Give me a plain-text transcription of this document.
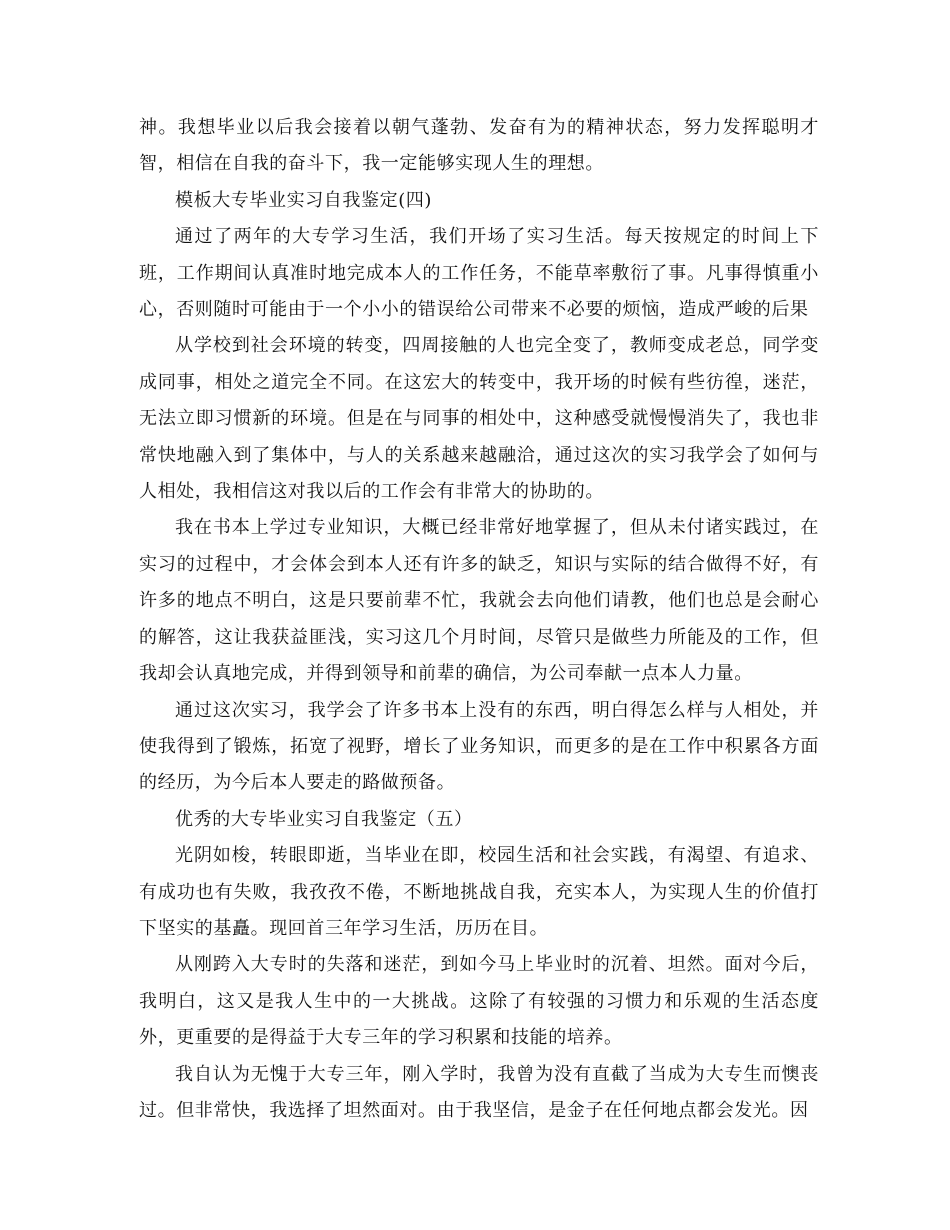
神。我想毕业以后我会接着以朝气蓬勃、发奋有为的精神状态，努力发挥聪明才智，相信在自我的奋斗下，我一定能够实现人生的理想。

模板大专毕业实习自我鉴定(四)

通过了两年的大专学习生活，我们开场了实习生活。每天按规定的时间上下班，工作期间认真准时地完成本人的工作任务，不能草率敷衍了事。凡事得慎重小心，否则随时可能由于一个小小的错误给公司带来不必要的烦恼，造成严峻的后果

从学校到社会环境的转变，四周接触的人也完全变了，教师变成老总，同学变成同事，相处之道完全不同。在这宏大的转变中，我开场的时候有些彷徨，迷茫，无法立即习惯新的环境。但是在与同事的相处中，这种感受就慢慢消失了，我也非常快地融入到了集体中，与人的关系越来越融洽，通过这次的实习我学会了如何与人相处，我相信这对我以后的工作会有非常大的协助的。

我在书本上学过专业知识，大概已经非常好地掌握了，但从未付诸实践过，在实习的过程中，才会体会到本人还有许多的缺乏，知识与实际的结合做得不好，有许多的地点不明白，这是只要前辈不忙，我就会去向他们请教，他们也总是会耐心的解答，这让我获益匪浅，实习这几个月时间，尽管只是做些力所能及的工作，但我却会认真地完成，并得到领导和前辈的确信，为公司奉献一点本人力量。

通过这次实习，我学会了许多书本上没有的东西，明白得怎么样与人相处，并使我得到了锻炼，拓宽了视野，增长了业务知识，而更多的是在工作中积累各方面的经历，为今后本人要走的路做预备。

优秀的大专毕业实习自我鉴定（五）

光阴如梭，转眼即逝，当毕业在即，校园生活和社会实践，有渴望、有追求、有成功也有失败，我孜孜不倦，不断地挑战自我，充实本人，为实现人生的价值打下坚实的基矗。现回首三年学习生活，历历在目。

从刚跨入大专时的失落和迷茫，到如今马上毕业时的沉着、坦然。面对今后，我明白，这又是我人生中的一大挑战。这除了有较强的习惯力和乐观的生活态度外，更重要的是得益于大专三年的学习积累和技能的培养。

我自认为无愧于大专三年，刚入学时，我曾为没有直截了当成为大专生而懊丧过。但非常快，我选择了坦然面对。由于我坚信，是金子在任何地点都会发光。因
